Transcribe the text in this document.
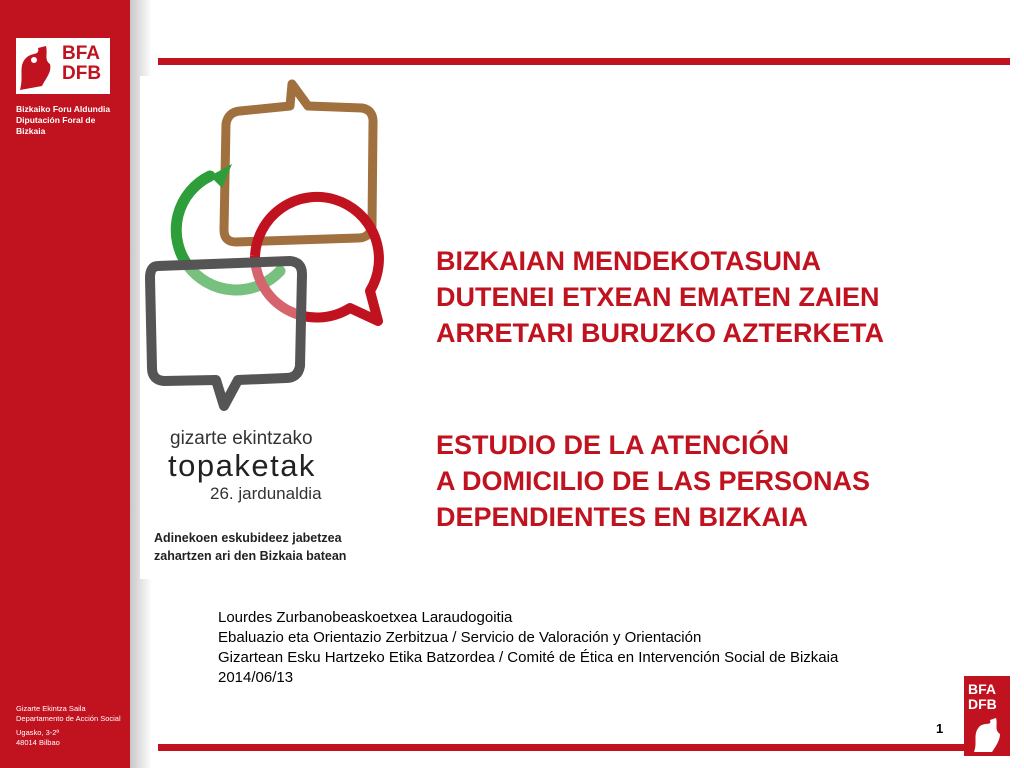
BFA
DFB
Bizkaiko Foru Aldundia
Diputación Foral de Bizkaia
Gizarte Ekintza Saila
Departamento de Acción Social
Ugasko, 3-2ª
48014 Bilbao
gizarte ekintzako
topaketak
26. jardunaldia
Adinekoen eskubideez jabetzea
zahartzen ari den Bizkaia batean
BIZKAIAN MENDEKOTASUNA
DUTENEI ETXEAN EMATEN ZAIEN
ARRETARI BURUZKO AZTERKETA
ESTUDIO DE LA ATENCIÓN
A DOMICILIO DE LAS PERSONAS
DEPENDIENTES EN BIZKAIA
Lourdes Zurbanobeaskoetxea Laraudogoitia
Ebaluazio eta Orientazio Zerbitzua / Servicio de Valoración y Orientación
Gizartean Esku Hartzeko Etika Batzordea / Comité de Ética en Intervención Social de Bizkaia
2014/06/13
1
BFA
DFB
